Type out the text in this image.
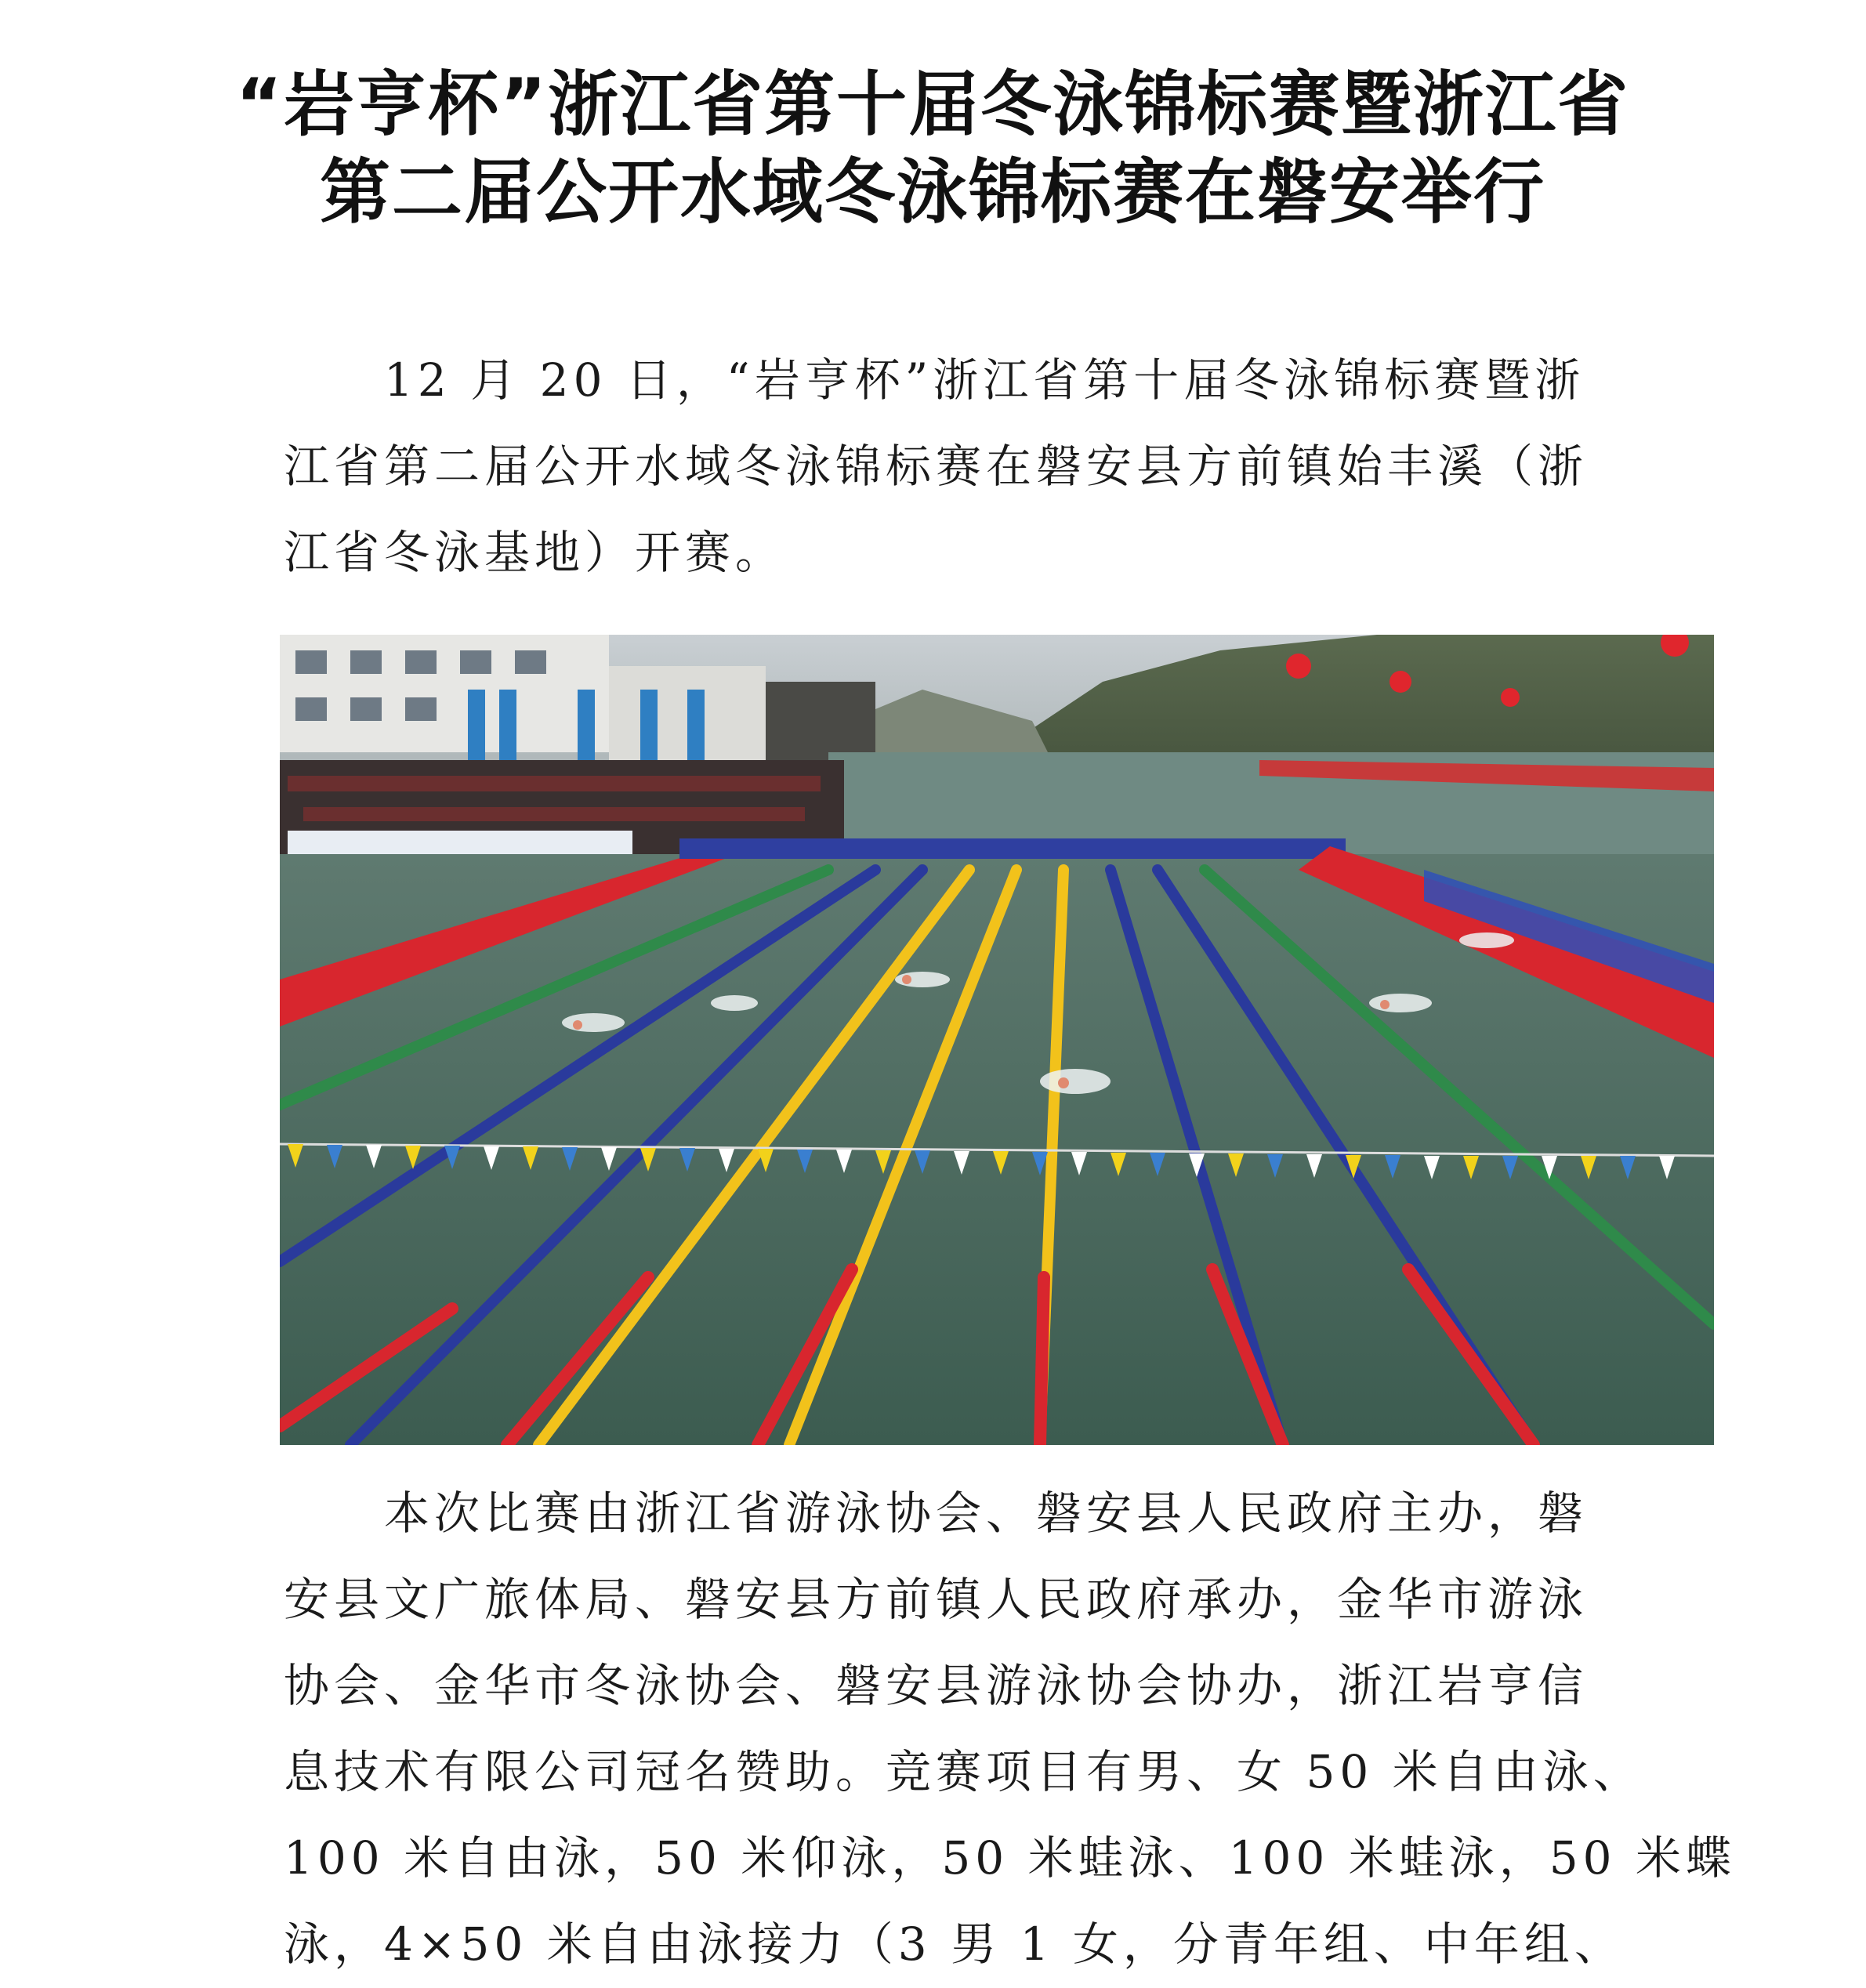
“岩亨杯”浙江省第十届冬泳锦标赛暨浙江省
第二届公开水域冬泳锦标赛在磐安举行
12 月 20 日，“岩亨杯”浙江省第十届冬泳锦标赛暨浙
江省第二届公开水域冬泳锦标赛在磐安县方前镇始丰溪（浙
江省冬泳基地）开赛。
本次比赛由浙江省游泳协会、磐安县人民政府主办，磐
安县文广旅体局、磐安县方前镇人民政府承办，金华市游泳
协会、金华市冬泳协会、磐安县游泳协会协办，浙江岩亨信
息技术有限公司冠名赞助。竞赛项目有男、女 50 米自由泳、
100 米自由泳，50 米仰泳，50 米蛙泳、100 米蛙泳，50 米蝶
泳，4×50 米自由泳接力（3 男 1 女，分青年组、中年组、
